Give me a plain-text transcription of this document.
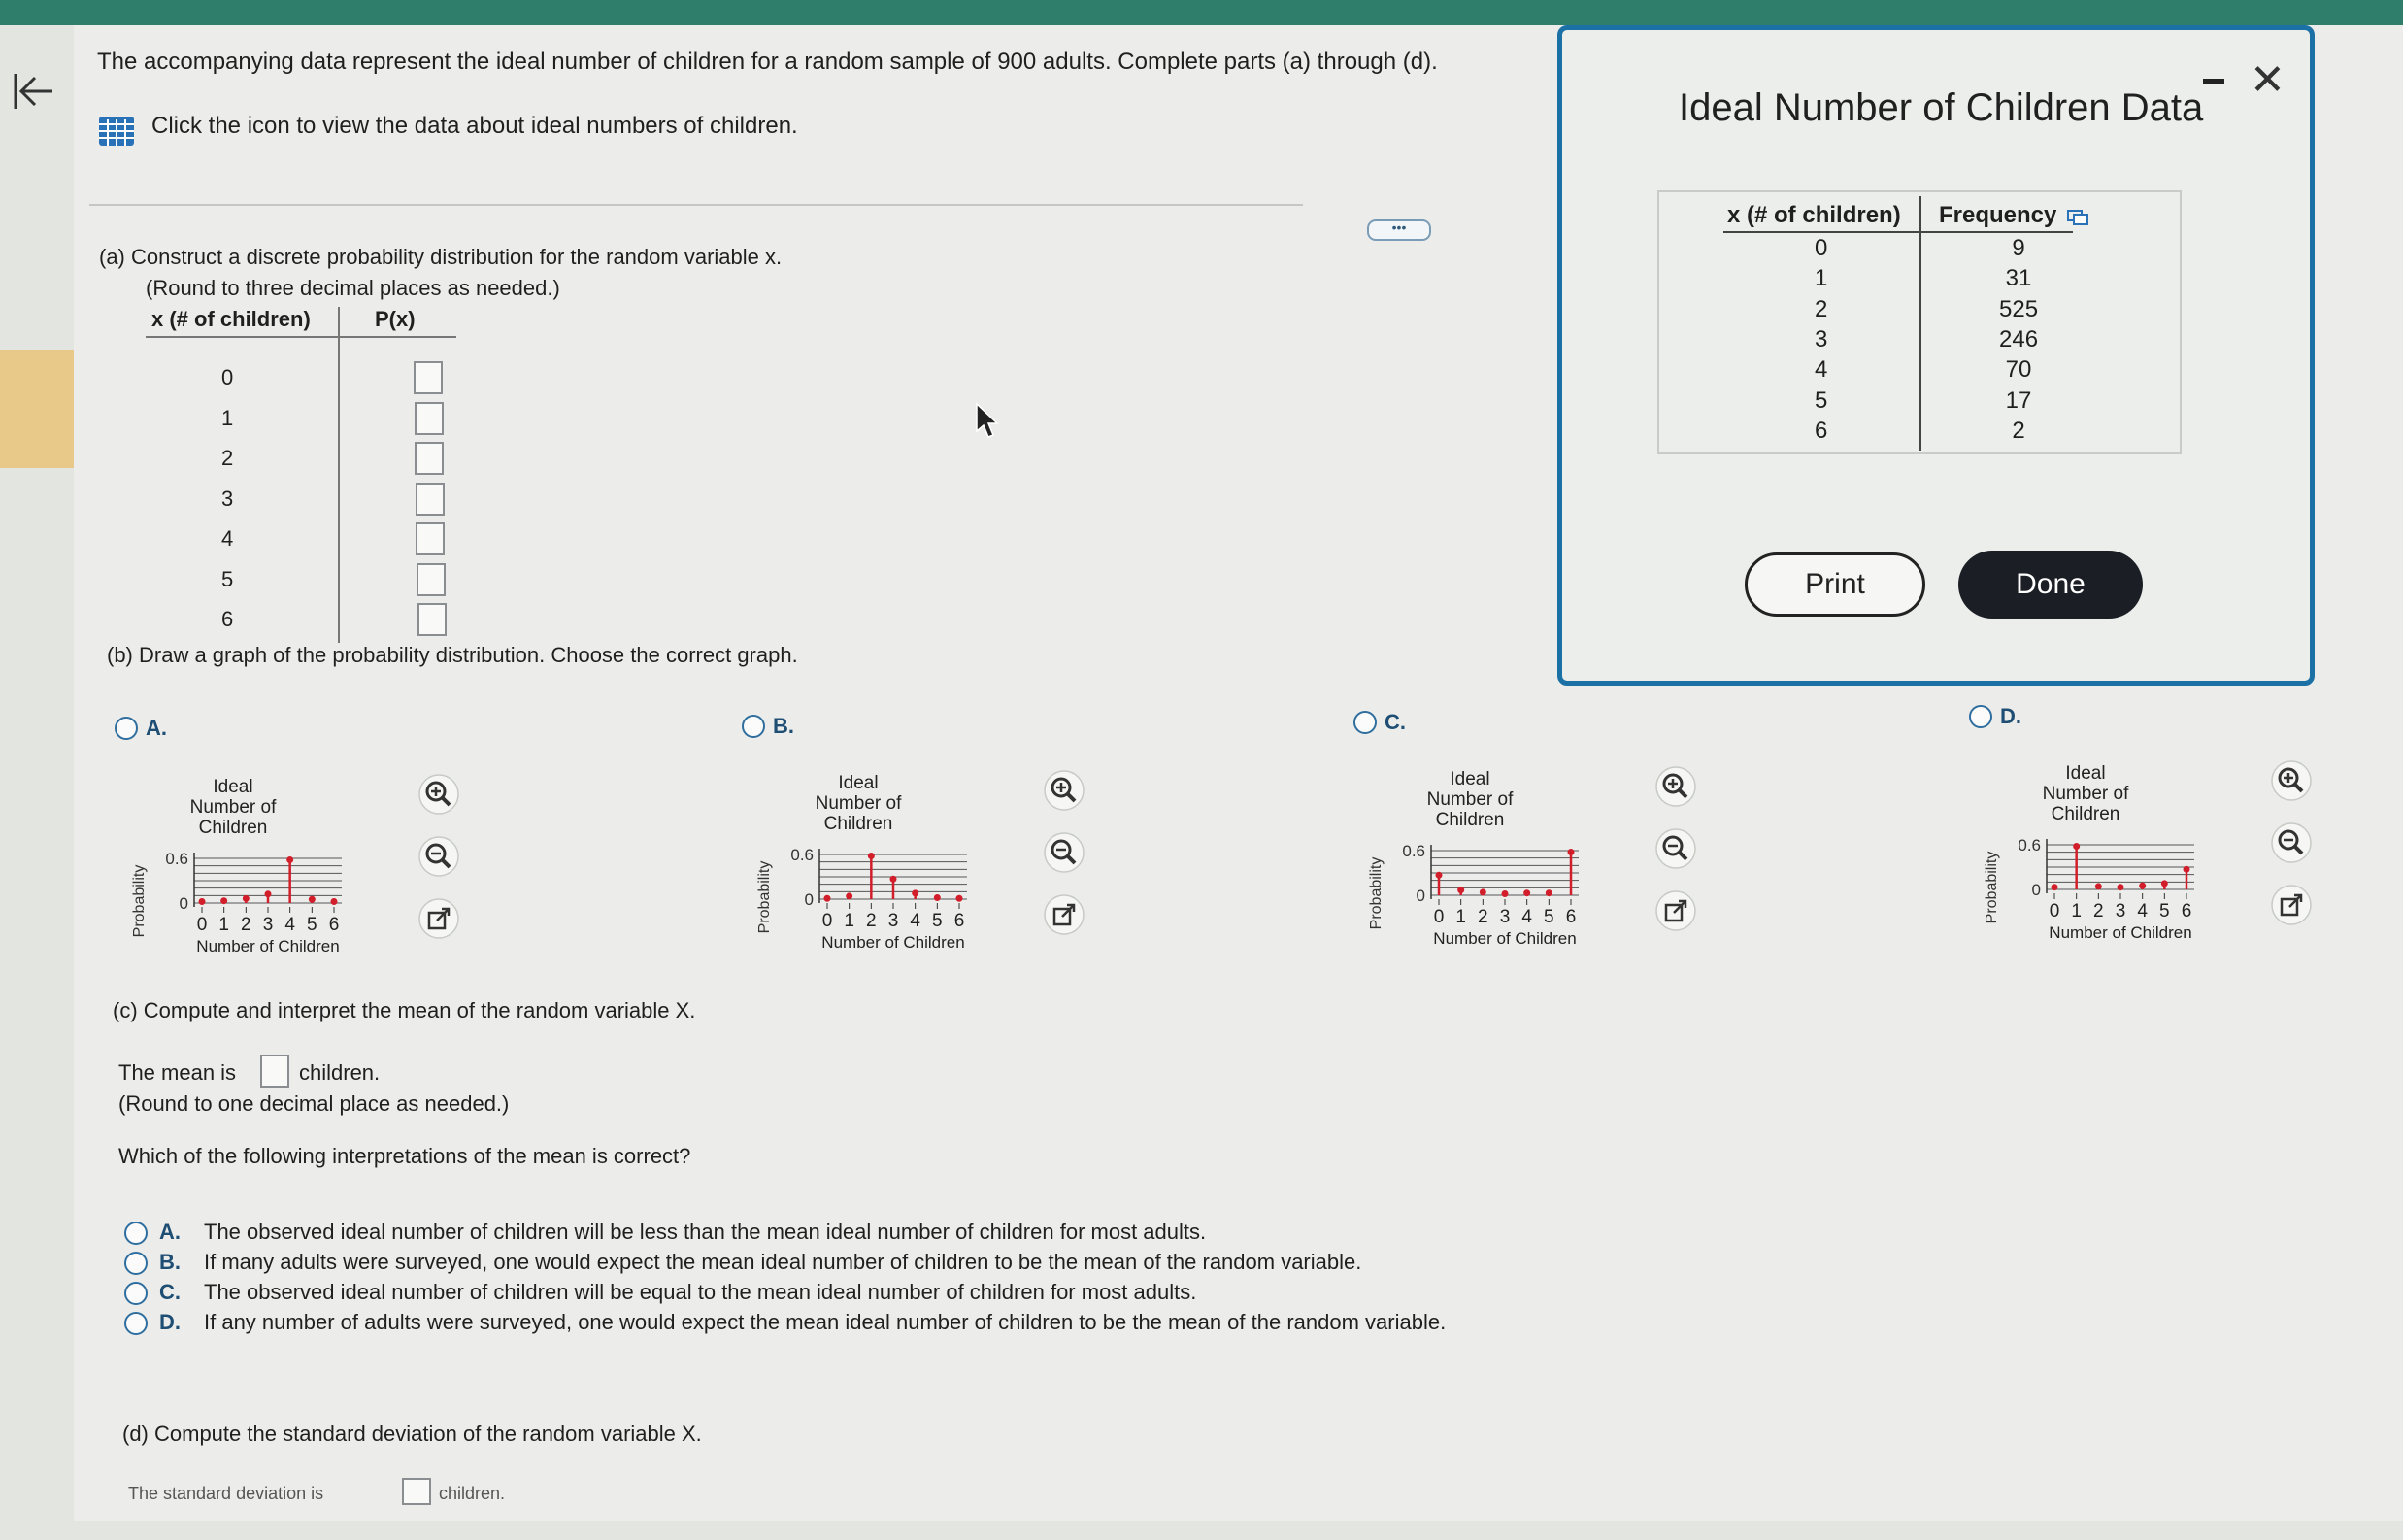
The accompanying data represent the ideal number of children for a random sample of 900 adults. Complete parts (a) through (d).
Click the icon to view the data about ideal numbers of children.
•••
(a) Construct a discrete probability distribution for the random variable x.
(Round to three decimal places as needed.)
x (# of children)	P(x)
0
1
2
3
4
5
6
(b) Draw a graph of the probability distribution. Choose the correct graph.
A.
Ideal
Number of
Children
Probability
0.6
0
0 1 2 3 4 5 6
Number of Children
B.
Ideal
Number of
Children
Probability
0.6
0
0 1 2 3 4 5 6
Number of Children
C.
Ideal
Number of
Children
Probability
0.6
0
0 1 2 3 4 5 6
Number of Children
D.
Ideal
Number of
Children
Probability
0.6
0
0 1 2 3 4 5 6
Number of Children
(c) Compute and interpret the mean of the random variable X.
The mean is	children.
(Round to one decimal place as needed.)
Which of the following interpretations of the mean is correct?
A. The observed ideal number of children will be less than the mean ideal number of children for most adults.
B. If many adults were surveyed, one would expect the mean ideal number of children to be the mean of the random variable.
C. The observed ideal number of children will be equal to the mean ideal number of children for most adults.
D. If any number of adults were surveyed, one would expect the mean ideal number of children to be the mean of the random variable.
(d) Compute the standard deviation of the random variable X.
The standard deviation is	children.
Ideal Number of Children Data
✕
x (# of children) Frequency
0	9
1	31
2	525
3	246
4	70
5	17
6	2
Print	Done
